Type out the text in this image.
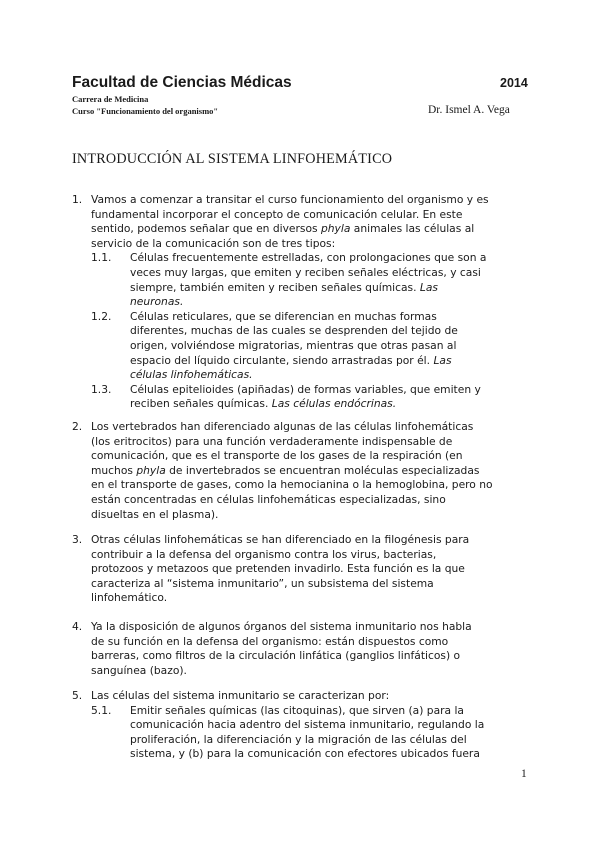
Facultad de Ciencias Médicas	2014
Carrera de Medicina
Curso "Funcionamiento del organismo"	Dr. Ismel A. Vega
INTRODUCCIÓN AL SISTEMA LINFOHEMÁTICO
1. Vamos a comenzar a transitar el curso funcionamiento del organismo y es
fundamental incorporar el concepto de comunicación celular. En este
sentido, podemos señalar que en diversos phyla animales las células al
servicio de la comunicación son de tres tipos:
1.1. Células frecuentemente estrelladas, con prolongaciones que son a
veces muy largas, que emiten y reciben señales eléctricas, y casi
siempre, también emiten y reciben señales químicas. Las
neuronas.
1.2. Células reticulares, que se diferencian en muchas formas
diferentes, muchas de las cuales se desprenden del tejido de
origen, volviéndose migratorias, mientras que otras pasan al
espacio del líquido circulante, siendo arrastradas por él. Las
células linfohemáticas.
1.3. Células epitelioides (apiñadas) de formas variables, que emiten y
reciben señales químicas. Las células endócrinas.
2. Los vertebrados han diferenciado algunas de las células linfohemáticas
(los eritrocitos) para una función verdaderamente indispensable de
comunicación, que es el transporte de los gases de la respiración (en
muchos phyla de invertebrados se encuentran moléculas especializadas
en el transporte de gases, como la hemocianina o la hemoglobina, pero no
están concentradas en células linfohemáticas especializadas, sino
disueltas en el plasma).
3. Otras células linfohemáticas se han diferenciado en la filogénesis para
contribuir a la defensa del organismo contra los virus, bacterias,
protozoos y metazoos que pretenden invadirlo. Esta función es la que
caracteriza al “sistema inmunitario”, un subsistema del sistema
linfohemático.
4. Ya la disposición de algunos órganos del sistema inmunitario nos habla
de su función en la defensa del organismo: están dispuestos como
barreras, como filtros de la circulación linfática (ganglios linfáticos) o
sanguínea (bazo).
5. Las células del sistema inmunitario se caracterizan por:
5.1. Emitir señales químicas (las citoquinas), que sirven (a) para la
comunicación hacia adentro del sistema inmunitario, regulando la
proliferación, la diferenciación y la migración de las células del
sistema, y (b) para la comunicación con efectores ubicados fuera
1
